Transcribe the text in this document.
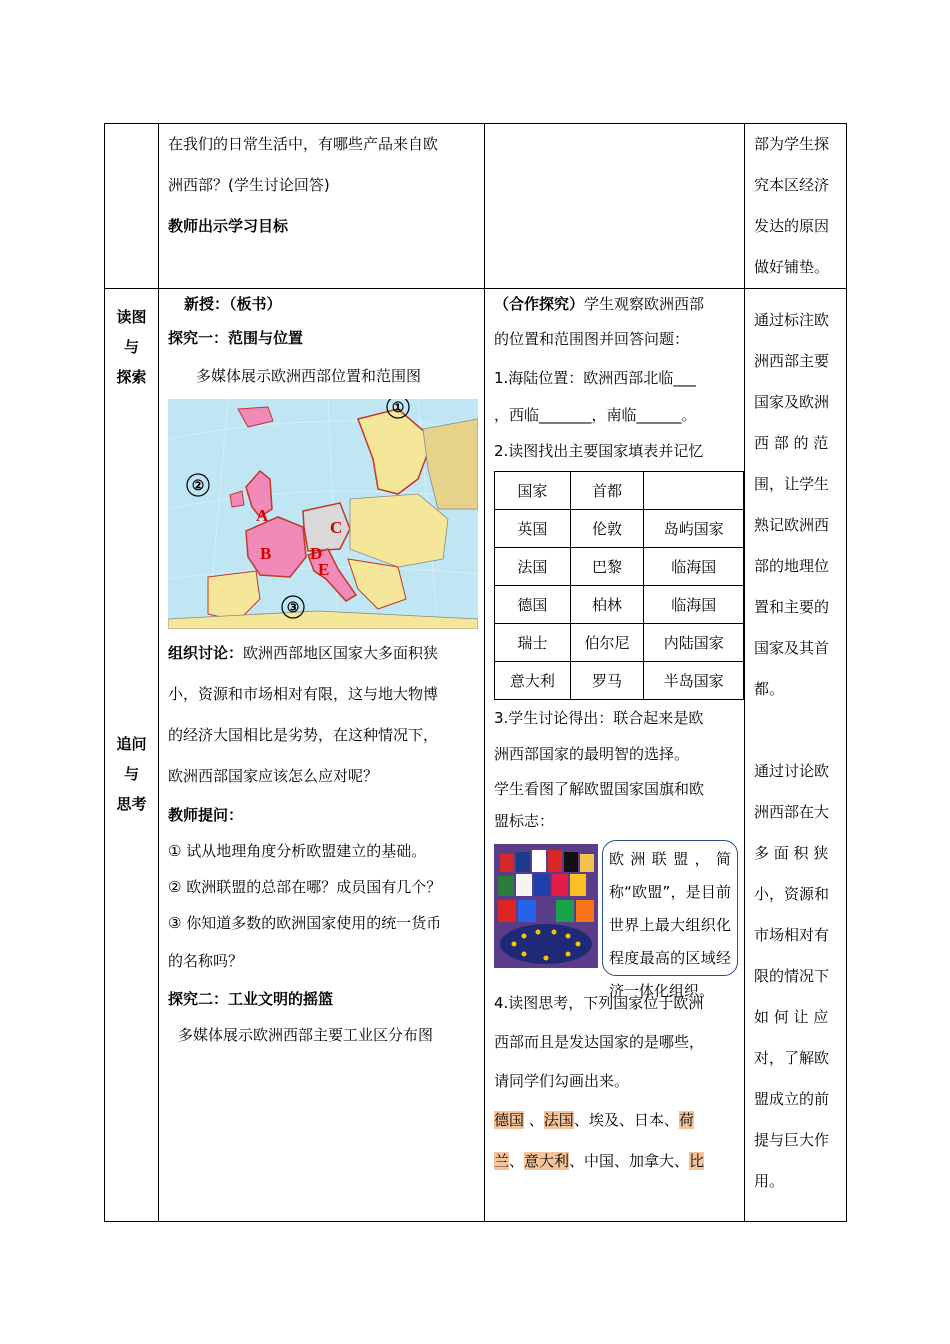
在我们的日常生活中，有哪些产品来自欧
洲西部？(学生讨论回答)
教师出示学习目标

部为学生探
究本区经济
发达的原因
做好铺垫。

读图
与
探索
追问
与
思考

新授：（板书）
探究一：范围与位置
多媒体展示欧洲西部位置和范围图
①
②
③
A
B
C
D
E
组织讨论：欧洲西部地区国家大多面积狭
小，资源和市场相对有限，这与地大物博
的经济大国相比是劣势，在这种情况下，
欧洲西部国家应该怎么应对呢？
教师提问：
① 试从地理角度分析欧盟建立的基础。
② 欧洲联盟的总部在哪？成员国有几个？
③ 你知道多数的欧洲国家使用的统一货币
的名称吗？
探究二：工业文明的摇篮
多媒体展示欧洲西部主要工业区分布图

（合作探究）学生观察欧洲西部
的位置和范围图并回答问题：
1.海陆位置：欧洲西部北临___
，西临_______，南临______。
2.读图找出主要国家填表并记忆
国家	首都	
英国	伦敦	岛屿国家
法国	巴黎	临海国
德国	柏林	临海国
瑞士	伯尔尼	内陆国家
意大利	罗马	半岛国家
3.学生讨论得出：联合起来是欧
洲西部国家的最明智的选择。
学生看图了解欧盟国家国旗和欧
盟标志：
欧洲联盟，简称“欧盟”，是目前世界上最大组织化程度最高的区域经济一体化组织。
4.读图思考，下列国家位于欧洲
西部而且是发达国家的是哪些，
请同学们勾画出来。
德国 、法国、埃及、日本、荷
兰、意大利、中国、加拿大、比

通过标注欧
洲西部主要
国家及欧洲
西 部 的 范
围，让学生
熟记欧洲西
部的地理位
置和主要的
国家及其首
都。
通过讨论欧
洲西部在大
多 面 积 狭
小，资源和
市场相对有
限的情况下
如 何 让 应
对，了解欧
盟成立的前
提与巨大作
用。
